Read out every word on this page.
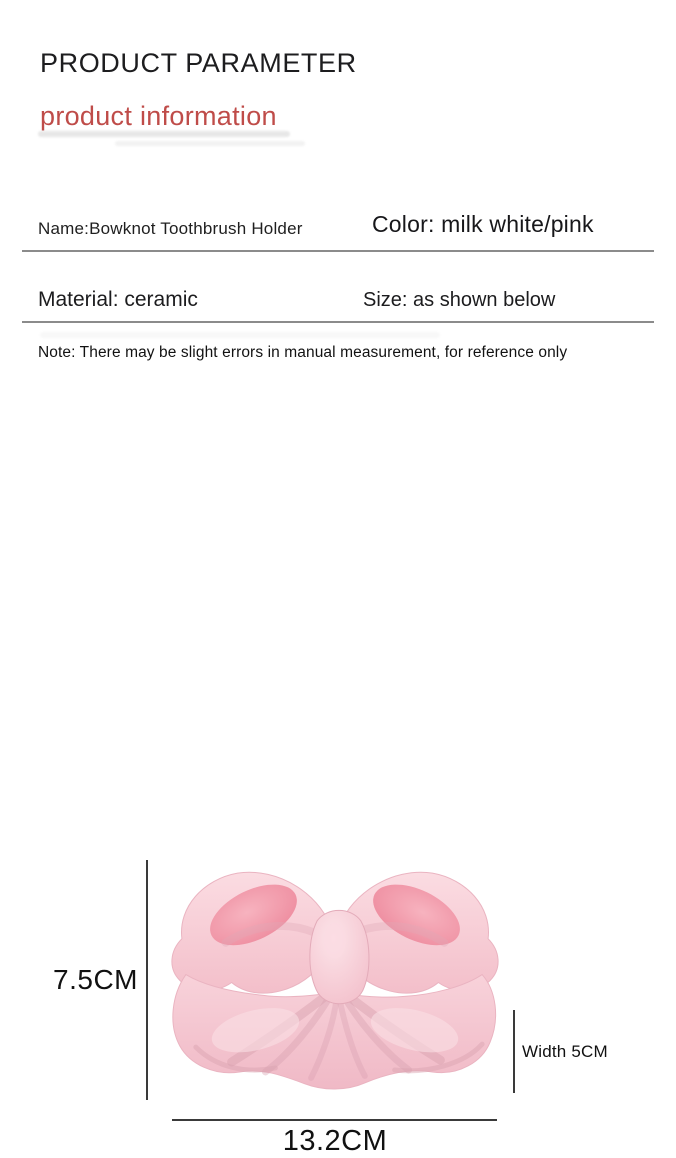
PRODUCT PARAMETER
product information
Name:Bowknot Toothbrush Holder	Color: milk white/pink
Material: ceramic	Size: as shown below
Note: There may be slight errors in manual measurement, for reference only
7.5CM
Width 5CM
13.2CM
